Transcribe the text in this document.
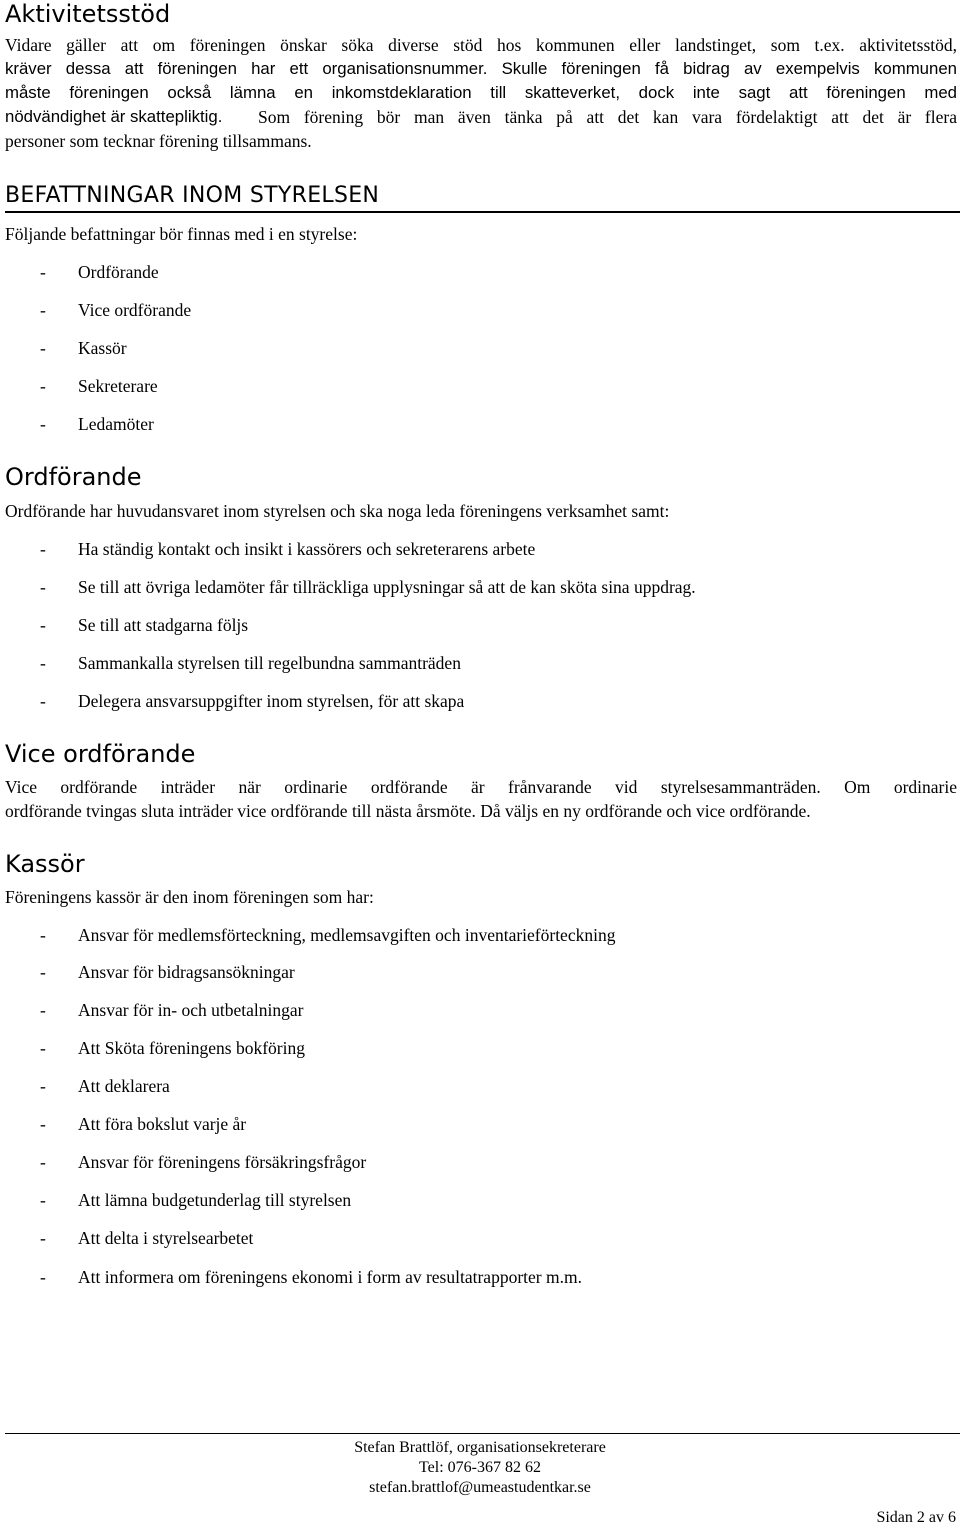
Aktivitetsstöd
Vidare gäller att om föreningen önskar söka diverse stöd hos kommunen eller landstinget, som t.ex. aktivitetsstöd,
kräver dessa att föreningen har ett organisationsnummer. Skulle föreningen få bidrag av exempelvis kommunen
måste föreningen också lämna en inkomstdeklaration till skatteverket, dock inte sagt att föreningen med
nödvändighet är skattepliktig.	Som förening bör man även tänka på att det kan vara fördelaktigt att det är flera
personer som tecknar förening tillsammans.
BEFATTNINGAR INOM STYRELSEN
Följande befattningar bör finnas med i en styrelse:
- Ordförande
- Vice ordförande
- Kassör
- Sekreterare
- Ledamöter
Ordförande
Ordförande har huvudansvaret inom styrelsen och ska noga leda föreningens verksamhet samt:
- Ha ständig kontakt och insikt i kassörers och sekreterarens arbete
- Se till att övriga ledamöter får tillräckliga upplysningar så att de kan sköta sina uppdrag.
- Se till att stadgarna följs
- Sammankalla styrelsen till regelbundna sammanträden
- Delegera ansvarsuppgifter inom styrelsen, för att skapa
Vice ordförande
Vice ordförande inträder när ordinarie ordförande är frånvarande vid styrelsesammanträden. Om ordinarie
ordförande tvingas sluta inträder vice ordförande till nästa årsmöte. Då väljs en ny ordförande och vice ordförande.
Kassör
Föreningens kassör är den inom föreningen som har:
- Ansvar för medlemsförteckning, medlemsavgiften och inventarieförteckning
- Ansvar för bidragsansökningar
- Ansvar för in- och utbetalningar
- Att Sköta föreningens bokföring
- Att deklarera
- Att föra bokslut varje år
- Ansvar för föreningens försäkringsfrågor
- Att lämna budgetunderlag till styrelsen
- Att delta i styrelsearbetet
- Att informera om föreningens ekonomi i form av resultatrapporter m.m.
Stefan Brattlöf, organisationsekreterare
Tel: 076-367 82 62
stefan.brattlof@umeastudentkar.se
Sidan 2 av 6
